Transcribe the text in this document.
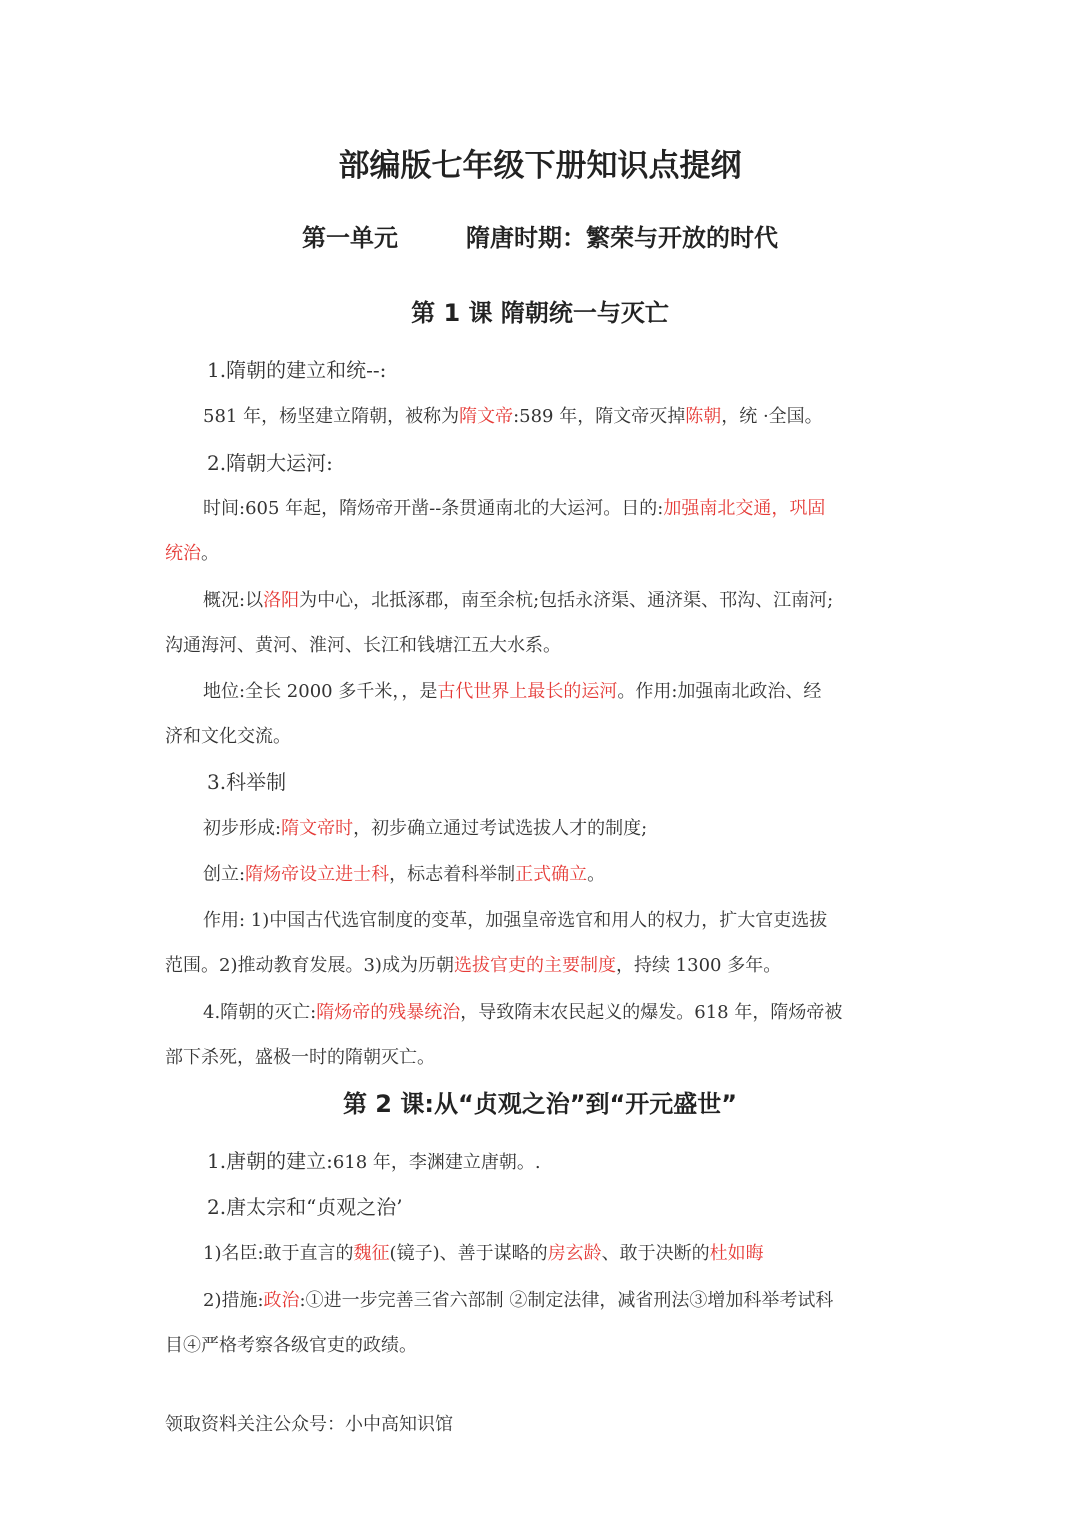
部编版七年级下册知识点提纲
第一单元	隋唐时期：繁荣与开放的时代
第 1 课 隋朝统一与灭亡
1.隋朝的建立和统--:
581 年，杨坚建立隋朝，被称为隋文帝:589 年，隋文帝灭掉陈朝，统 ·全国。
2.隋朝大运河:
时间:605 年起，隋炀帝开凿--条贯通南北的大运河。日的:加强南北交通，巩固
统治。
概况:以洛阳为中心，北抵涿郡，南至余杭;包括永济渠、通济渠、邗沟、江南河;
沟通海河、黄河、淮河、长江和钱塘江五大水系。
地位:全长 2000 多千米，，是古代世界上最长的运河。作用:加强南北政治、经
济和文化交流。
3.科举制
初步形成:隋文帝时，初步确立通过考试选拔人才的制度;
创立:隋炀帝设立进士科，标志着科举制正式确立。
作用: 1)中国古代选官制度的变革，加强皇帝选官和用人的权力，扩大官吏选拔
范围。2)推动教育发展。3)成为历朝选拔官吏的主要制度，持续 1300 多年。
4.隋朝的灭亡:隋炀帝的残暴统治，导致隋末农民起义的爆发。618 年，隋炀帝被
部下杀死，盛极一时的隋朝灭亡。
第 2 课:从“贞观之治”到“开元盛世”
1.唐朝的建立:618 年，李渊建立唐朝。.
2.唐太宗和“贞观之治’
1)名臣:敢于直言的魏征(镜子)、善于谋略的房玄龄、敢于决断的杜如晦
2)措施:政治:①进一步完善三省六部制 ②制定法律，减省刑法③增加科举考试科
目④严格考察各级官吏的政绩。
领取资料关注公众号：小中高知识馆
